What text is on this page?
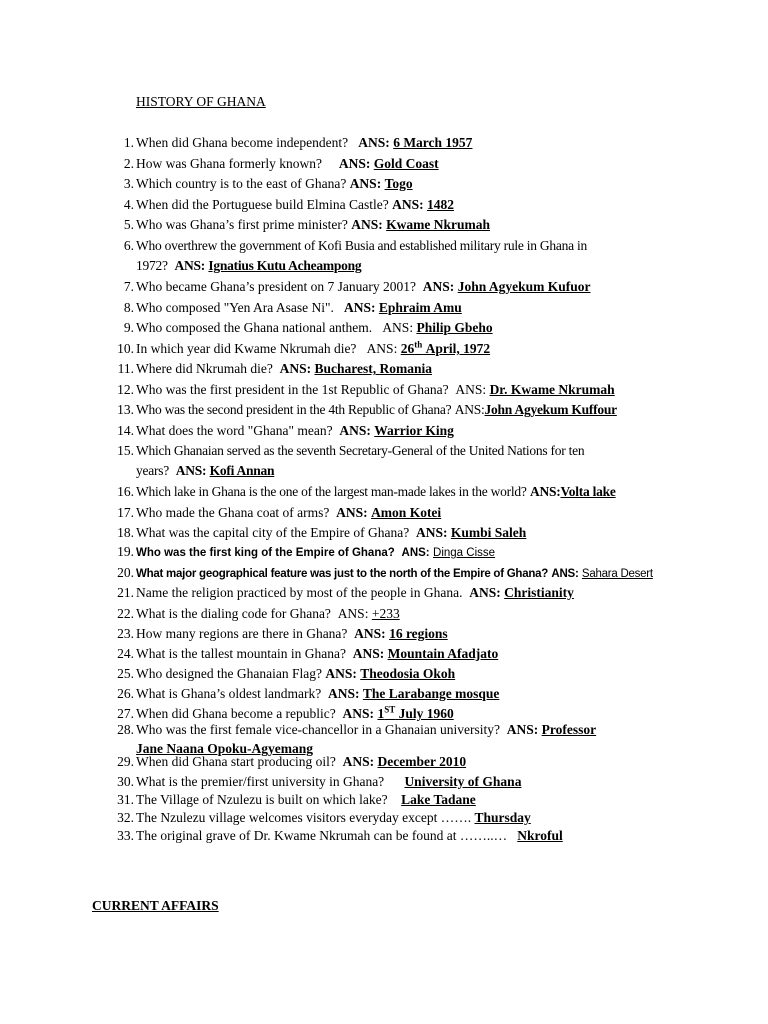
HISTORY OF GHANA
1. When did Ghana become independent? ANS: 6 March 1957
2. How was Ghana formerly known? ANS: Gold Coast
3. Which country is to the east of Ghana? ANS: Togo
4. When did the Portuguese build Elmina Castle? ANS: 1482
5. Who was Ghana’s first prime minister? ANS: Kwame Nkrumah
6. Who overthrew the government of Kofi Busia and established military rule in Ghana in
1972? ANS: Ignatius Kutu Acheampong
7. Who became Ghana’s president on 7 January 2001? ANS: John Agyekum Kufuor
8. Who composed "Yen Ara Asase Ni". ANS: Ephraim Amu
9. Who composed the Ghana national anthem. ANS: Philip Gbeho
10. In which year did Kwame Nkrumah die? ANS: 26th April, 1972
11. Where did Nkrumah die? ANS: Bucharest, Romania
12. Who was the first president in the 1st Republic of Ghana? ANS: Dr. Kwame Nkrumah
13. Who was the second president in the 4th Republic of Ghana? ANS:John Agyekum Kuffour
14. What does the word "Ghana" mean? ANS: Warrior King
15. Which Ghanaian served as the seventh Secretary-General of the United Nations for ten
years? ANS: Kofi Annan
16. Which lake in Ghana is the one of the largest man-made lakes in the world? ANS:Volta lake
17. Who made the Ghana coat of arms? ANS: Amon Kotei
18. What was the capital city of the Empire of Ghana? ANS: Kumbi Saleh
19. Who was the first king of the Empire of Ghana? ANS: Dinga Cisse
20. What major geographical feature was just to the north of the Empire of Ghana? ANS: Sahara Desert
21. Name the religion practiced by most of the people in Ghana. ANS: Christianity
22. What is the dialing code for Ghana? ANS: +233
23. How many regions are there in Ghana? ANS: 16 regions
24. What is the tallest mountain in Ghana? ANS: Mountain Afadjato
25. Who designed the Ghanaian Flag? ANS: Theodosia Okoh
26. What is Ghana’s oldest landmark? ANS: The Larabange mosque
27. When did Ghana become a republic? ANS: 1ST July 1960
28. Who was the first female vice-chancellor in a Ghanaian university? ANS: Professor
Jane Naana Opoku-Agyemang
29. When did Ghana start producing oil? ANS: December 2010
30. What is the premier/first university in Ghana? University of Ghana
31. The Village of Nzulezu is built on which lake? Lake Tadane
32. The Nzulezu village welcomes visitors everyday except ……. Thursday
33. The original grave of Dr. Kwame Nkrumah can be found at ……..… Nkroful
CURRENT AFFAIRS
